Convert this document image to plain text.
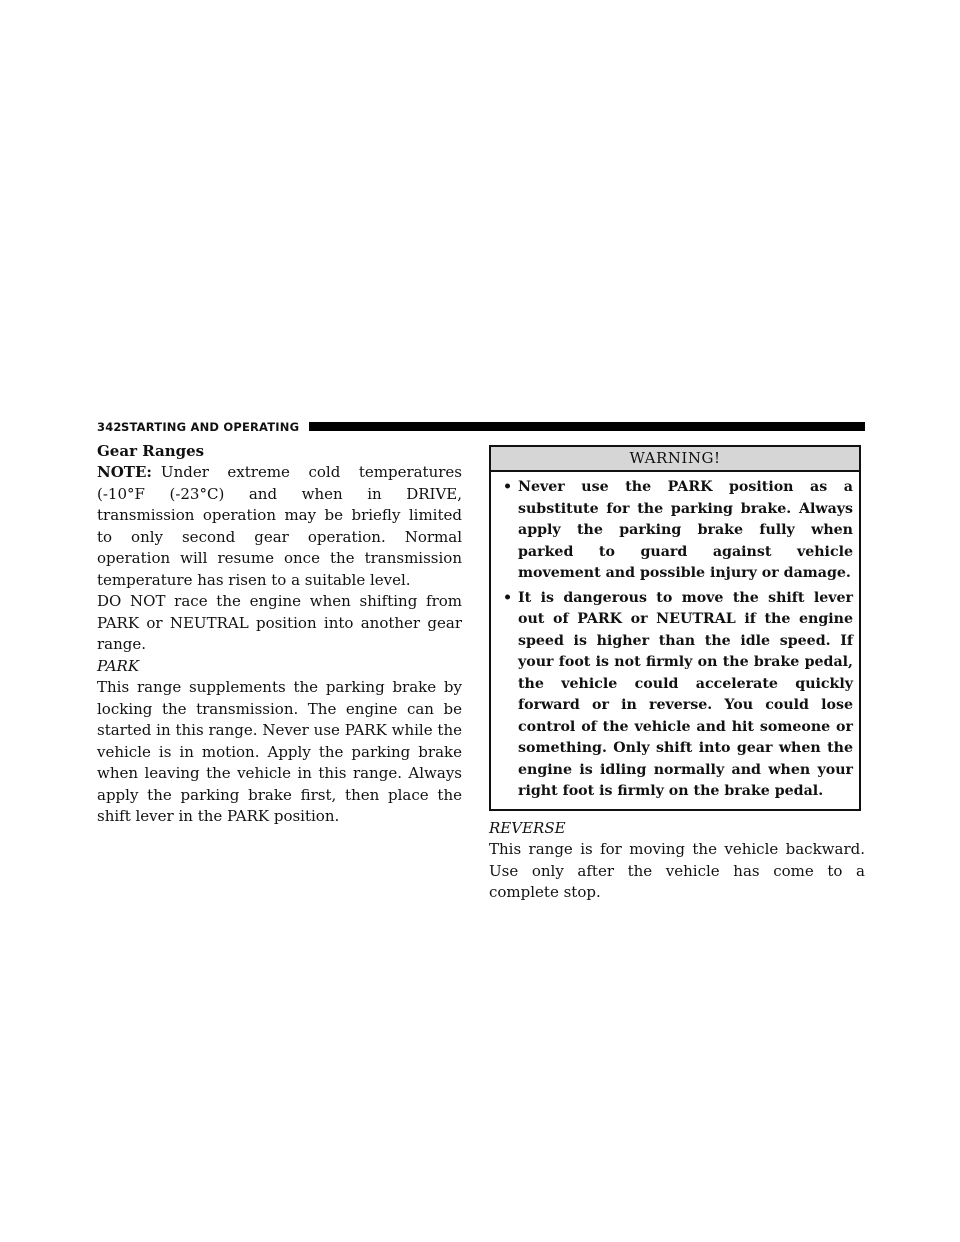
342 STARTING AND OPERATING
Gear Ranges

NOTE: Under extreme cold temperatures (-10°F (-23°C) and when in DRIVE, transmission operation may be briefly limited to only second gear operation. Normal operation will resume once the transmission temperature has risen to a suitable level.

DO NOT race the engine when shifting from PARK or NEUTRAL position into another gear range.

PARK

This range supplements the parking brake by locking the transmission. The engine can be started in this range. Never use PARK while the vehicle is in motion. Apply the parking brake when leaving the vehicle in this range. Always apply the parking brake first, then place the shift lever in the PARK position.

WARNING!
• Never use the PARK position as a substitute for the parking brake. Always apply the parking brake fully when parked to guard against vehicle movement and possible injury or damage.
• It is dangerous to move the shift lever out of PARK or NEUTRAL if the engine speed is higher than the idle speed. If your foot is not firmly on the brake pedal, the vehicle could accelerate quickly forward or in reverse. You could lose control of the vehicle and hit someone or something. Only shift into gear when the engine is idling normally and when your right foot is firmly on the brake pedal.

REVERSE

This range is for moving the vehicle backward. Use only after the vehicle has come to a complete stop.
